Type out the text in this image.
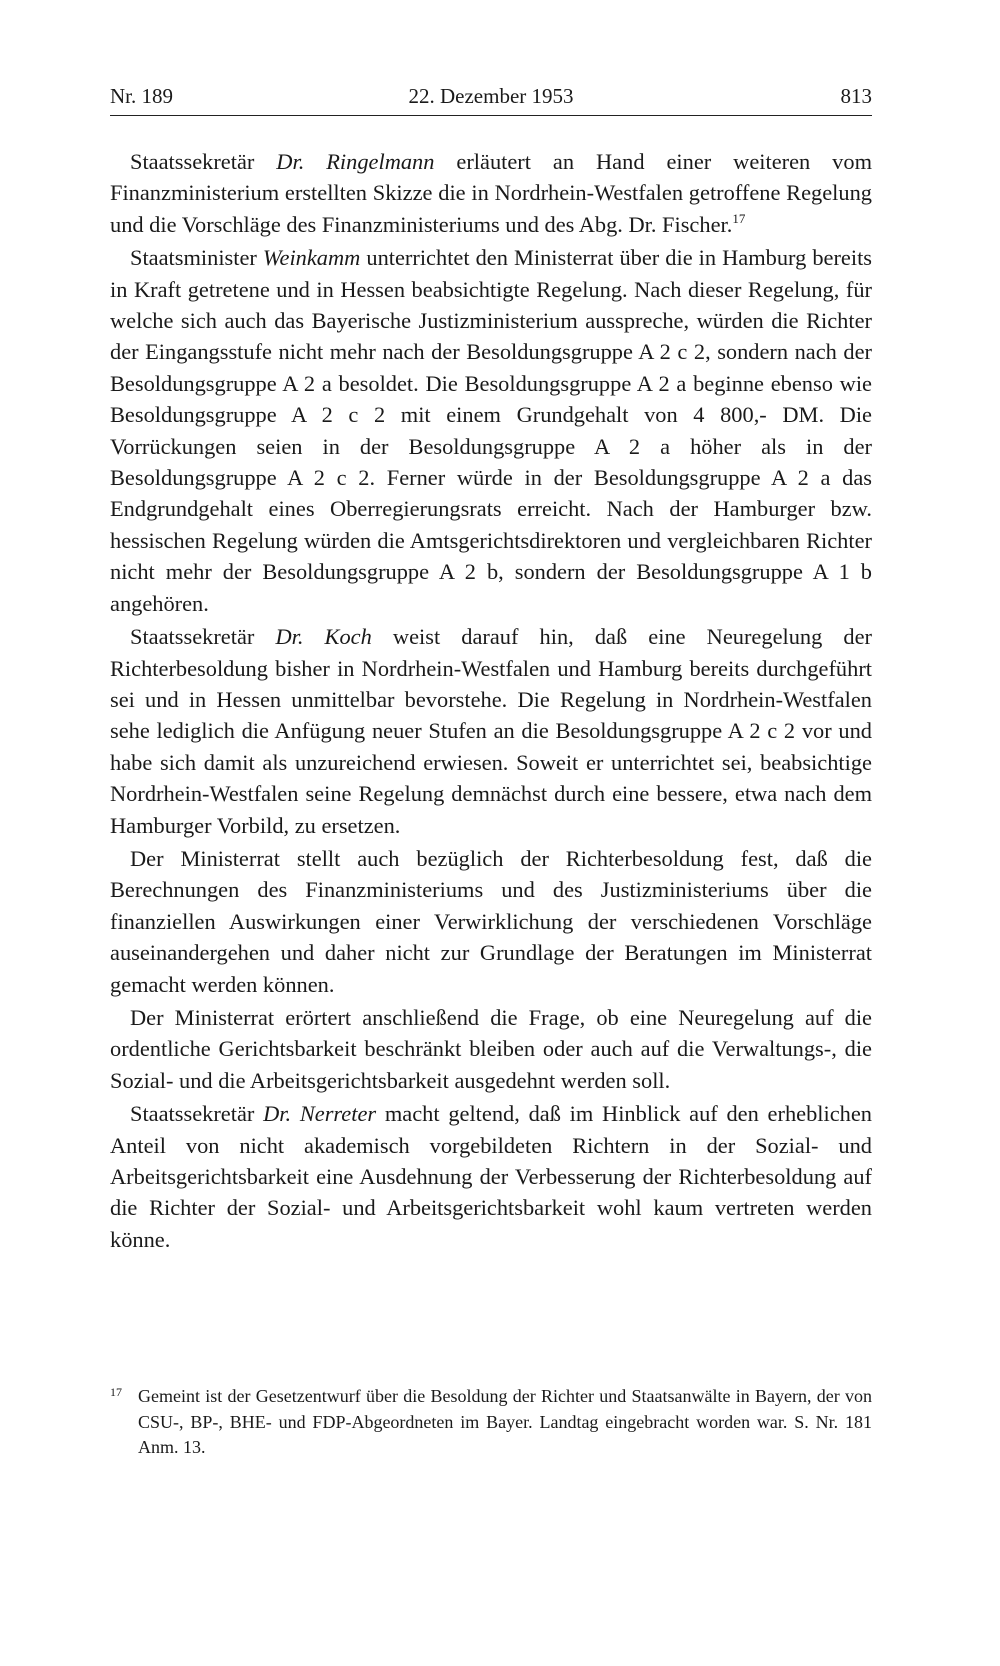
Nr. 189	22. Dezember 1953	813

Staatssekretär Dr. Ringelmann erläutert an Hand einer weiteren vom Finanzministerium erstellten Skizze die in Nordrhein-Westfalen getroffene Regelung und die Vorschläge des Finanzministeriums und des Abg. Dr. Fischer.$^{17}$

Staatsminister Weinkamm unterrichtet den Ministerrat über die in Hamburg bereits in Kraft getretene und in Hessen beabsichtigte Regelung. Nach dieser Regelung, für welche sich auch das Bayerische Justizministerium ausspreche, würden die Richter der Eingangsstufe nicht mehr nach der Besoldungsgruppe A 2 c 2, sondern nach der Besoldungsgruppe A 2 a besoldet. Die Besoldungsgruppe A 2 a beginne ebenso wie Besoldungsgruppe A 2 c 2 mit einem Grundgehalt von 4 800,- DM. Die Vorrückungen seien in der Besoldungsgruppe A 2 a höher als in der Besoldungsgruppe A 2 c 2. Ferner würde in der Besoldungsgruppe A 2 a das Endgrundgehalt eines Oberregierungsrats erreicht. Nach der Hamburger bzw. hessischen Regelung würden die Amtsgerichtsdirektoren und vergleichbaren Richter nicht mehr der Besoldungsgruppe A 2 b, sondern der Besoldungsgruppe A 1 b angehören.

Staatssekretär Dr. Koch weist darauf hin, daß eine Neuregelung der Richterbesoldung bisher in Nordrhein-Westfalen und Hamburg bereits durchgeführt sei und in Hessen unmittelbar bevorstehe. Die Regelung in Nordrhein-Westfalen sehe lediglich die Anfügung neuer Stufen an die Besoldungsgruppe A 2 c 2 vor und habe sich damit als unzureichend erwiesen. Soweit er unterrichtet sei, beabsichtige Nordrhein-Westfalen seine Regelung demnächst durch eine bessere, etwa nach dem Hamburger Vorbild, zu ersetzen.

Der Ministerrat stellt auch bezüglich der Richterbesoldung fest, daß die Berechnungen des Finanzministeriums und des Justizministeriums über die finanziellen Auswirkungen einer Verwirklichung der verschiedenen Vorschläge auseinandergehen und daher nicht zur Grundlage der Beratungen im Ministerrat gemacht werden können.

Der Ministerrat erörtert anschließend die Frage, ob eine Neuregelung auf die ordentliche Gerichtsbarkeit beschränkt bleiben oder auch auf die Verwaltungs-, die Sozial- und die Arbeitsgerichtsbarkeit ausgedehnt werden soll.

Staatssekretär Dr. Nerreter macht geltend, daß im Hinblick auf den erheblichen Anteil von nicht akademisch vorgebildeten Richtern in der Sozial- und Arbeitsgerichtsbarkeit eine Ausdehnung der Verbesserung der Richterbesoldung auf die Richter der Sozial- und Arbeitsgerichtsbarkeit wohl kaum vertreten werden könne.

17 Gemeint ist der Gesetzentwurf über die Besoldung der Richter und Staatsanwälte in Bayern, der von CSU-, BP-, BHE- und FDP-Abgeordneten im Bayer. Landtag eingebracht worden war. S. Nr. 181 Anm. 13.
